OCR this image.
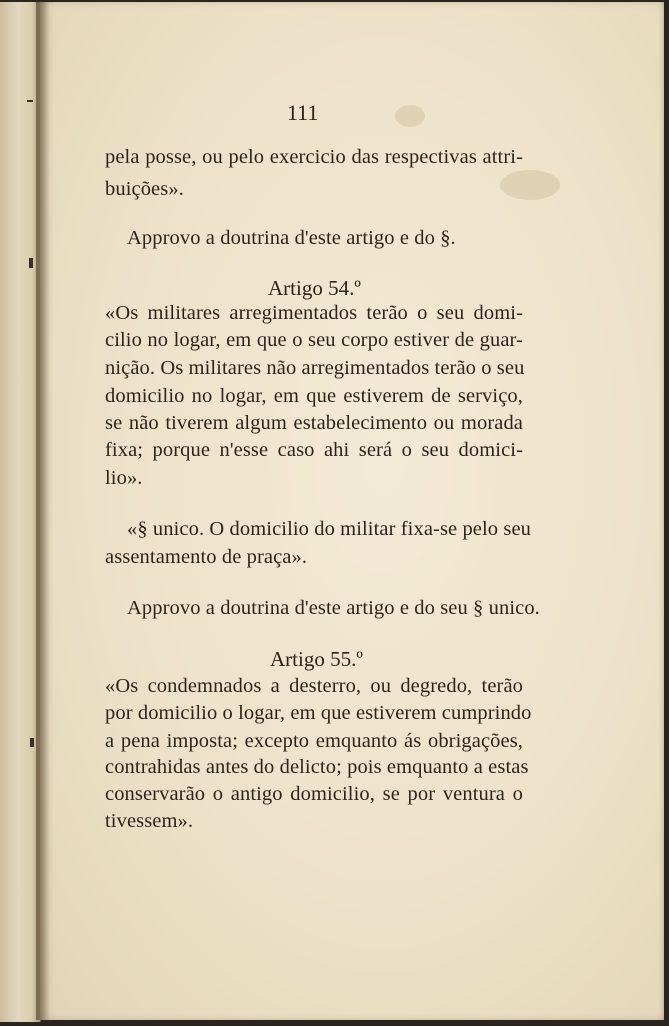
111
pela posse, ou pelo exercicio das respectivas attri-
buições».
Approvo a doutrina d'este artigo e do §.
Artigo 54.º
«Os militares arregimentados terão o seu domi-
cilio no logar, em que o seu corpo estiver de guar-
nição. Os militares não arregimentados terão o seu
domicilio no logar, em que estiverem de serviço,
se não tiverem algum estabelecimento ou morada
fixa; porque n'esse caso ahi será o seu domici-
lio».
«§ unico. O domicilio do militar fixa-se pelo seu
assentamento de praça».
Approvo a doutrina d'este artigo e do seu § unico.
Artigo 55.º
«Os condemnados a desterro, ou degredo, terão
por domicilio o logar, em que estiverem cumprindo
a pena imposta; excepto emquanto ás obrigações,
contrahidas antes do delicto; pois emquanto a estas
conservarão o antigo domicilio, se por ventura o
tivessem».
